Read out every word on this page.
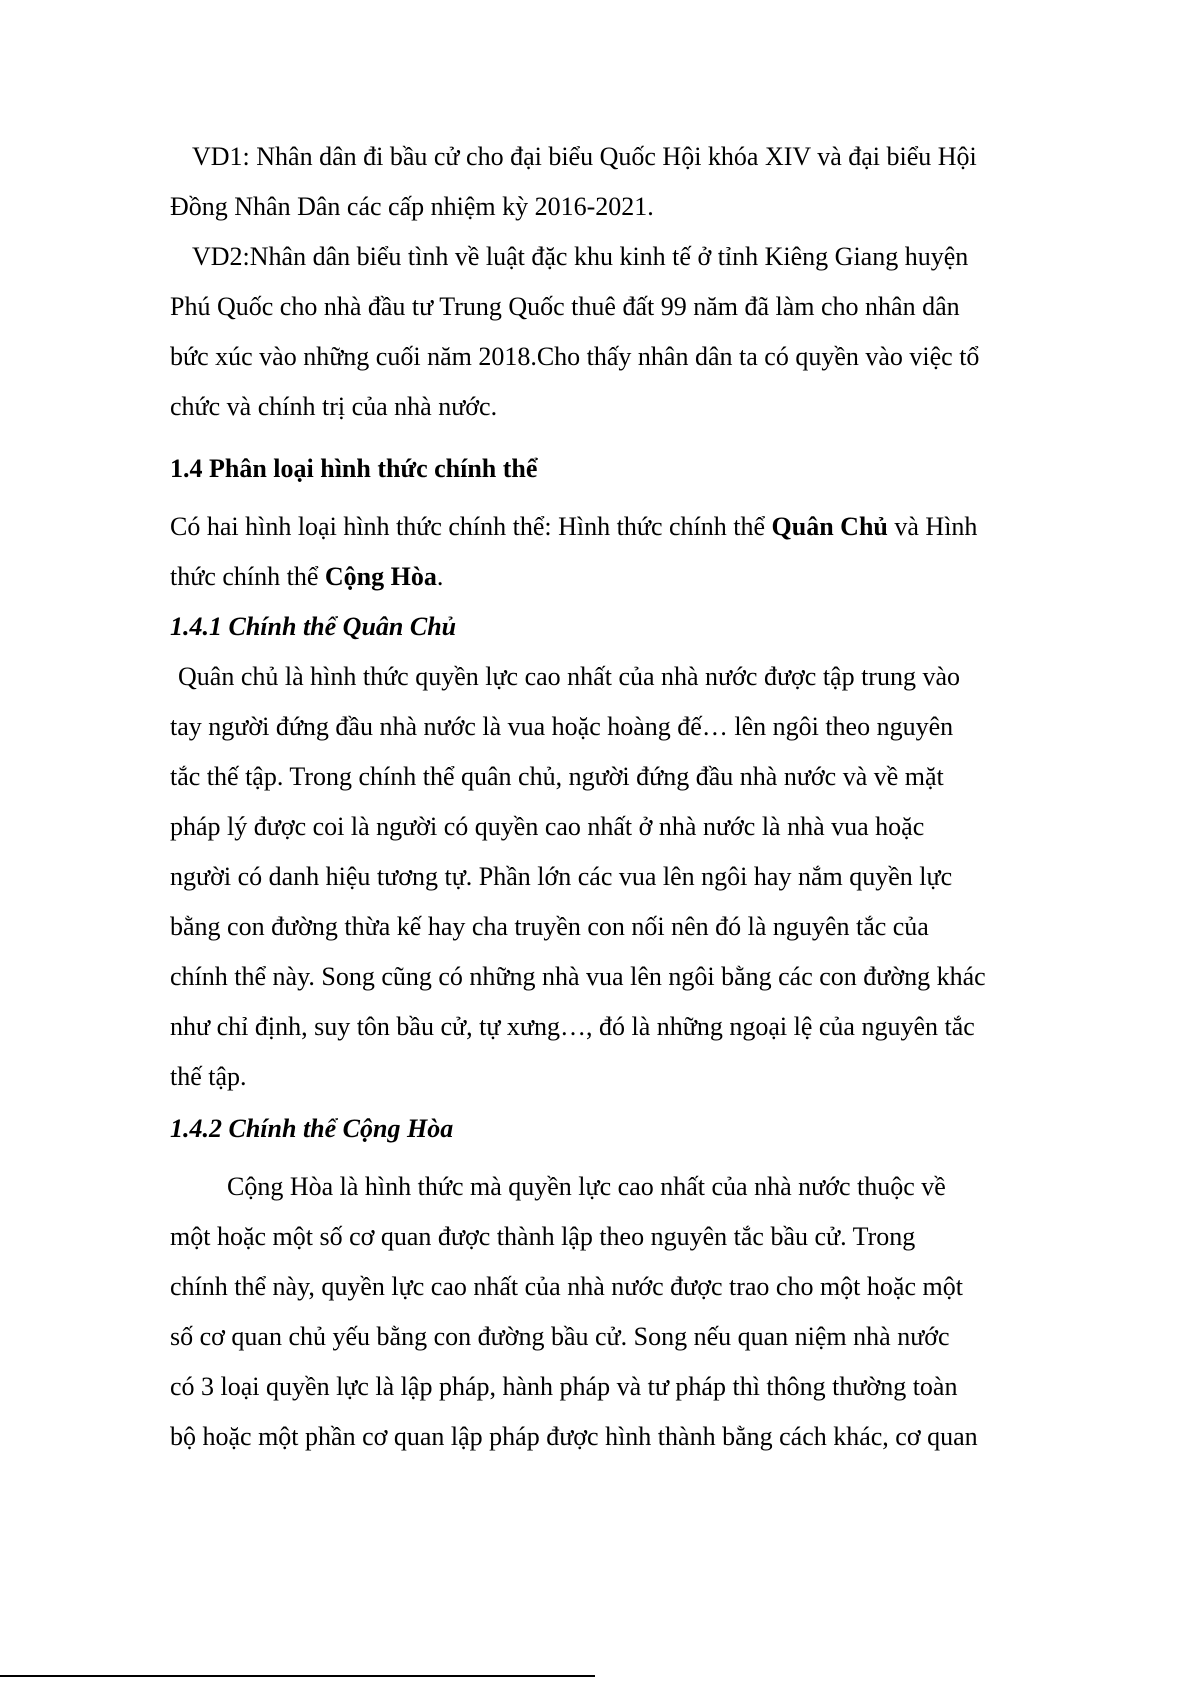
VD1: Nhân dân đi bầu cử cho đại biểu Quốc Hội khóa XIV và đại biểu Hội

Đồng Nhân Dân các cấp nhiệm kỳ 2016-2021.

VD2:Nhân dân biểu tình về luật đặc khu kinh tế ở tỉnh Kiêng Giang huyện

Phú Quốc cho nhà đầu tư Trung Quốc thuê đất 99 năm đã làm cho nhân dân

bức xúc vào những cuối năm 2018.Cho thấy nhân dân ta có quyền vào việc tổ

chức và chính trị của nhà nước.

1.4 Phân loại hình thức chính thể

Có hai hình loại hình thức chính thể: Hình thức chính thể Quân Chủ và Hình

thức chính thể Cộng Hòa.

1.4.1 Chính thể Quân Chủ

Quân chủ là hình thức quyền lực cao nhất của nhà nước được tập trung vào

tay người đứng đầu nhà nước là vua hoặc hoàng đế… lên ngôi theo nguyên

tắc thế tập. Trong chính thể quân chủ, người đứng đầu nhà nước và về mặt

pháp lý được coi là người có quyền cao nhất ở nhà nước là nhà vua hoặc

người có danh hiệu tương tự. Phần lớn các vua lên ngôi hay nắm quyền lực

bằng con đường thừa kế hay cha truyền con nối nên đó là nguyên tắc của

chính thể này. Song cũng có những nhà vua lên ngôi bằng các con đường khác

như chỉ định, suy tôn bầu cử, tự xưng…, đó là những ngoại lệ của nguyên tắc

thế tập.

1.4.2 Chính thể Cộng Hòa

Cộng Hòa là hình thức mà quyền lực cao nhất của nhà nước thuộc về

một hoặc một số cơ quan được thành lập theo nguyên tắc bầu cử. Trong

chính thể này, quyền lực cao nhất của nhà nước được trao cho một hoặc một

số cơ quan chủ yếu bằng con đường bầu cử. Song nếu quan niệm nhà nước

có 3 loại quyền lực là lập pháp, hành pháp và tư pháp thì thông thường toàn

bộ hoặc một phần cơ quan lập pháp được hình thành bằng cách khác, cơ quan
